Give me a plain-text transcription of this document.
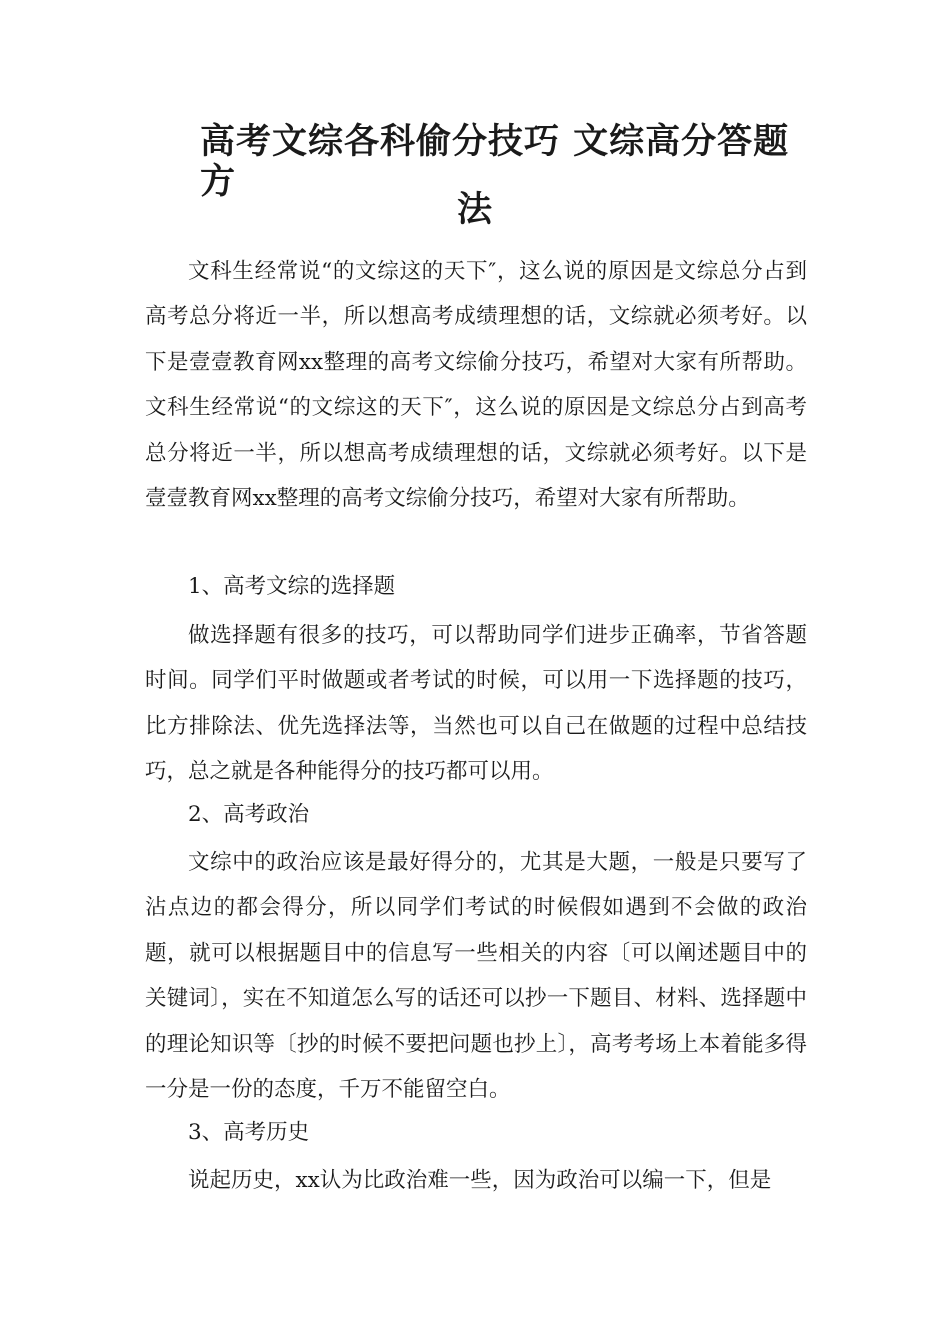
高考文综各科偷分技巧 文综高分答题方
法

文科生经常说“的文综这的天下″，这么说的原因是文综总分占到高考总分将近一半，所以想高考成绩理想的话，文综就必须考好。以下是壹壹教育网xx整理的高考文综偷分技巧，希望对大家有所帮助。文科生经常说“的文综这的天下″，这么说的原因是文综总分占到高考总分将近一半，所以想高考成绩理想的话，文综就必须考好。以下是壹壹教育网xx整理的高考文综偷分技巧，希望对大家有所帮助。

1、高考文综的选择题

做选择题有很多的技巧，可以帮助同学们进步正确率，节省答题时间。同学们平时做题或者考试的时候，可以用一下选择题的技巧，比方排除法、优先选择法等，当然也可以自己在做题的过程中总结技巧，总之就是各种能得分的技巧都可以用。

2、高考政治

文综中的政治应该是最好得分的，尤其是大题，一般是只要写了沾点边的都会得分，所以同学们考试的时候假如遇到不会做的政治题，就可以根据题目中的信息写一些相关的内容〔可以阐述题目中的关键词〕，实在不知道怎么写的话还可以抄一下题目、材料、选择题中的理论知识等〔抄的时候不要把问题也抄上〕，高考考场上本着能多得一分是一份的态度，千万不能留空白。

3、高考历史

说起历史，xx认为比政治难一些，因为政治可以编一下，但是
